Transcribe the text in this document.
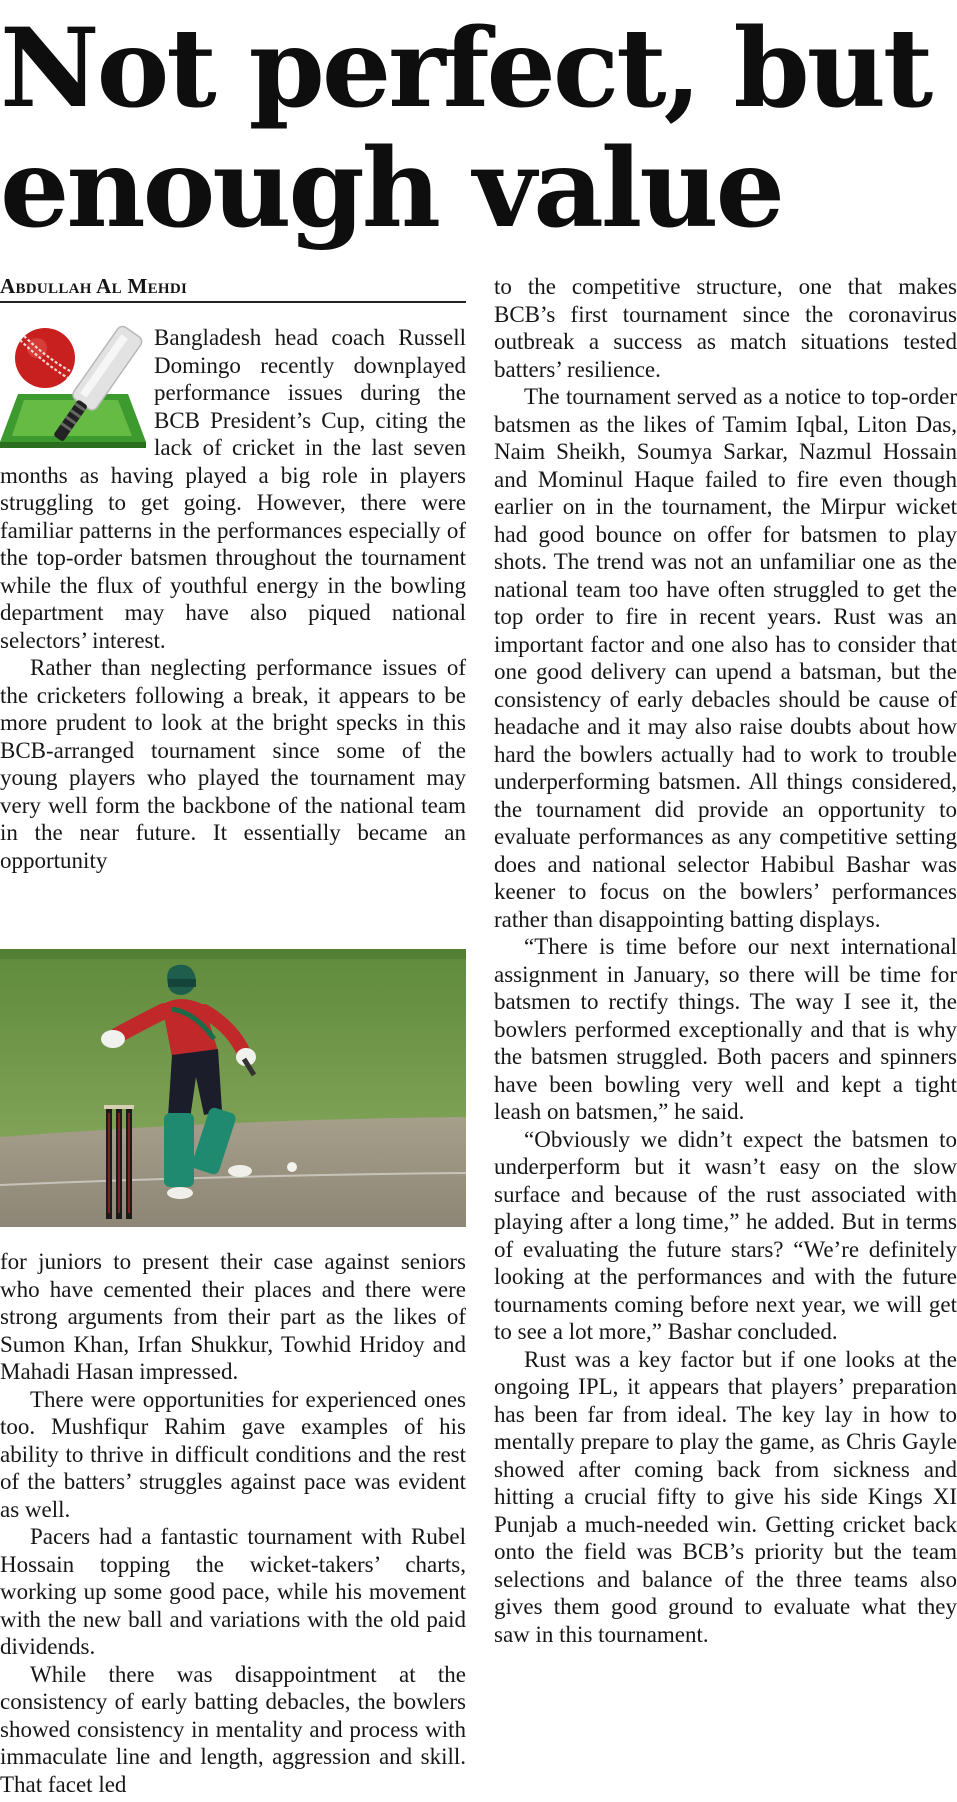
Not perfect, but enough value
Abdullah Al Mehdi

Bangladesh head coach Russell Domingo recently downplayed performance issues during the BCB President’s Cup, citing the lack of cricket in the last seven months as having played a big role in players struggling to get going. However, there were familiar patterns in the performances especially of the top-order batsmen throughout the tournament while the flux of youthful energy in the bowling department may have also piqued national selectors’ interest.

Rather than neglecting performance issues of the cricketers following a break, it appears to be more prudent to look at the bright specks in this BCB-arranged tournament since some of the young players who played the tournament may very well form the backbone of the national team in the near future. It essentially became an opportunity

for juniors to present their case against seniors who have cemented their places and there were strong arguments from their part as the likes of Sumon Khan, Irfan Shukkur, Towhid Hridoy and Mahadi Hasan impressed.

There were opportunities for experienced ones too. Mushfiqur Rahim gave examples of his ability to thrive in difficult conditions and the rest of the batters’ struggles against pace was evident as well.

Pacers had a fantastic tournament with Rubel Hossain topping the wicket-takers’ charts, working up some good pace, while his movement with the new ball and variations with the old paid dividends.

While there was disappointment at the consistency of early batting debacles, the bowlers showed consistency in mentality and process with immaculate line and length, aggression and skill. That facet led

to the competitive structure, one that makes BCB’s first tournament since the coronavirus outbreak a success as match situations tested batters’ resilience.

The tournament served as a notice to top-order batsmen as the likes of Tamim Iqbal, Liton Das, Naim Sheikh, Soumya Sarkar, Nazmul Hossain and Mominul Haque failed to fire even though earlier on in the tournament, the Mirpur wicket had good bounce on offer for batsmen to play shots. The trend was not an unfamiliar one as the national team too have often struggled to get the top order to fire in recent years. Rust was an important factor and one also has to consider that one good delivery can upend a batsman, but the consistency of early debacles should be cause of headache and it may also raise doubts about how hard the bowlers actually had to work to trouble underperforming batsmen. All things considered, the tournament did provide an opportunity to evaluate performances as any competitive setting does and national selector Habibul Bashar was keener to focus on the bowlers’ performances rather than disappointing batting displays.

“There is time before our next international assignment in January, so there will be time for batsmen to rectify things. The way I see it, the bowlers performed exceptionally and that is why the batsmen struggled. Both pacers and spinners have been bowling very well and kept a tight leash on batsmen,” he said.

“Obviously we didn’t expect the batsmen to underperform but it wasn’t easy on the slow surface and because of the rust associated with playing after a long time,” he added. But in terms of evaluating the future stars? “We’re definitely looking at the performances and with the future tournaments coming before next year, we will get to see a lot more,” Bashar concluded.

Rust was a key factor but if one looks at the ongoing IPL, it appears that players’ preparation has been far from ideal. The key lay in how to mentally prepare to play the game, as Chris Gayle showed after coming back from sickness and hitting a crucial fifty to give his side Kings XI Punjab a much-needed win. Getting cricket back onto the field was BCB’s priority but the team selections and balance of the three teams also gives them good ground to evaluate what they saw in this tournament.
